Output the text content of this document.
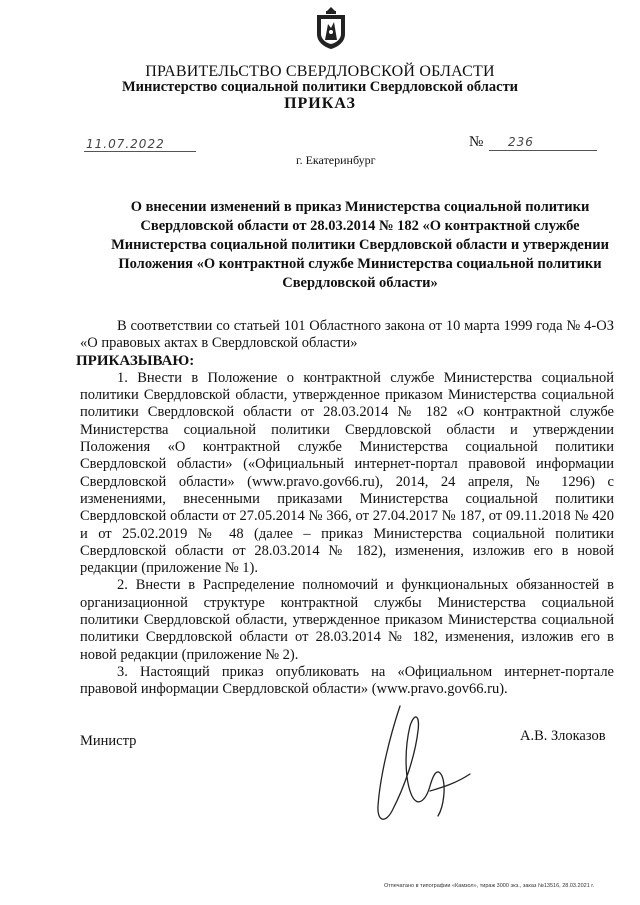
ПРАВИТЕЛЬСТВО СВЕРДЛОВСКОЙ ОБЛАСТИ
Министерство социальной политики Свердловской области
ПРИКАЗ
11.07.2022	№ 236
г. Екатеринбург
О внесении изменений в приказ Министерства социальной политики
Свердловской области от 28.03.2014 № 182 «О контрактной службе
Министерства социальной политики Свердловской области и утверждении
Положения «О контрактной службе Министерства социальной политики
Свердловской области»

В соответствии со статьей 101 Областного закона от 10 марта 1999 года № 4-ОЗ «О правовых актах в Свердловской области»

ПРИКАЗЫВАЮ:

1. Внести в Положение о контрактной службе Министерства социальной политики Свердловской области, утвержденное приказом Министерства социальной политики Свердловской области от 28.03.2014 № 182 «О контрактной службе Министерства социальной политики Свердловской области и утверждении Положения «О контрактной службе Министерства социальной политики Свердловской области» («Официальный интернет-портал правовой информации Свердловской области» (www.pravo.gov66.ru), 2014, 24 апреля, № 1296) с изменениями, внесенными приказами Министерства социальной политики Свердловской области от 27.05.2014 № 366, от 27.04.2017 № 187, от 09.11.2018 № 420 и от 25.02.2019 № 48 (далее – приказ Министерства социальной политики Свердловской области от 28.03.2014 № 182), изменения, изложив его в новой редакции (приложение № 1).

2. Внести в Распределение полномочий и функциональных обязанностей в организационной структуре контрактной службы Министерства социальной политики Свердловской области, утвержденное приказом Министерства социальной политики Свердловской области от 28.03.2014 № 182, изменения, изложив его в новой редакции (приложение № 2).

3. Настоящий приказ опубликовать на «Официальном интернет-портале правовой информации Свердловской области» (www.pravo.gov66.ru).

Министр	А.В. Злоказов
Отпечатано в типографии «Камзол», тираж 3000 экз., заказ №13516, 28.03.2021 г.
